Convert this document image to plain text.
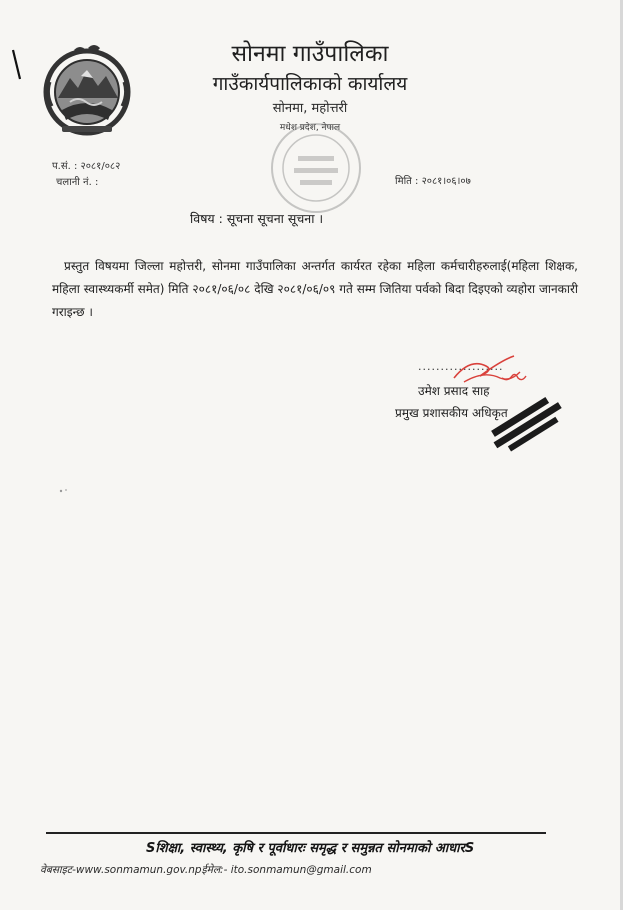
सोनमा गाउँपालिका
गाउँकार्यपालिकाको कार्यालय
सोनमा, महोत्तरी
मधेश प्रदेश, नेपाल
प.सं. : २०८१/०८२
चलानी नं. :	मिति : २०८१।०६।०७
विषय : सूचना सूचना सूचना ।
प्रस्तुत विषयमा जिल्ला महोत्तरी, सोनमा गाउँपालिका अन्तर्गत कार्यरत रहेका महिला कर्मचारीहरुलाई(महिला शिक्षक, महिला स्वास्थ्यकर्मी समेत) मिति २०८१/०६/०८ देखि २०८१/०६/०९ गते सम्म जितिया पर्वको बिदा दिइएको व्यहोरा जानकारी गराइन्छ ।
...................
उमेश प्रसाद साह
प्रमुख प्रशासकीय अधिकृत
Sशिक्षा, स्वास्थ्य, कृषि र पूर्वाधारः समृद्ध र समुन्नत सोनमाको आधारS
वेबसाइट-www.sonmamun.gov.npईमेल:- ito.sonmamun@gmail.com
